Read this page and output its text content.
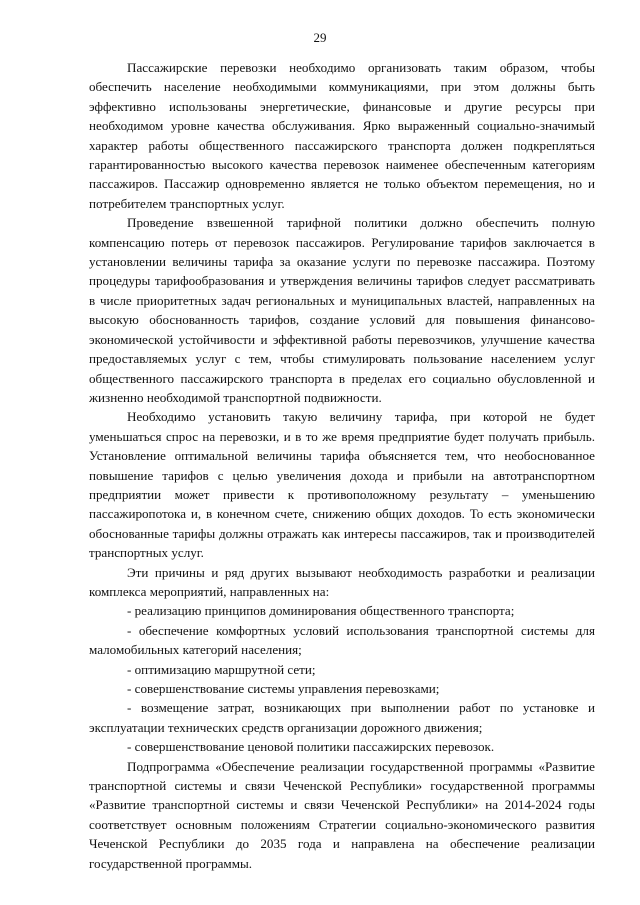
29

Пассажирские перевозки необходимо организовать таким образом, чтобы обеспечить население необходимыми коммуникациями, при этом должны быть эффективно использованы энергетические, финансовые и другие ресурсы при необходимом уровне качества обслуживания. Ярко выраженный социально-значимый характер работы общественного пассажирского транспорта должен подкрепляться гарантированностью высокого качества перевозок наименее обеспеченным категориям пассажиров. Пассажир одновременно является не только объектом перемещения, но и потребителем транспортных услуг.

Проведение взвешенной тарифной политики должно обеспечить полную компенсацию потерь от перевозок пассажиров. Регулирование тарифов заключается в установлении величины тарифа за оказание услуги по перевозке пассажира. Поэтому процедуры тарифообразования и утверждения величины тарифов следует рассматривать в числе приоритетных задач региональных и муниципальных властей, направленных на высокую обоснованность тарифов, создание условий для повышения финансово-экономической устойчивости и эффективной работы перевозчиков, улучшение качества предоставляемых услуг с тем, чтобы стимулировать пользование населением услуг общественного пассажирского транспорта в пределах его социально обусловленной и жизненно необходимой транспортной подвижности.

Необходимо установить такую величину тарифа, при которой не будет уменьшаться спрос на перевозки, и в то же время предприятие будет получать прибыль. Установление оптимальной величины тарифа объясняется тем, что необоснованное повышение тарифов с целью увеличения дохода и прибыли на автотранспортном предприятии может привести к противоположному результату – уменьшению пассажиропотока и, в конечном счете, снижению общих доходов. То есть экономически обоснованные тарифы должны отражать как интересы пассажиров, так и производителей транспортных услуг.

Эти причины и ряд других вызывают необходимость разработки и реализации комплекса мероприятий, направленных на:

- реализацию принципов доминирования общественного транспорта;
- обеспечение комфортных условий использования транспортной системы для маломобильных категорий населения;
- оптимизацию маршрутной сети;
- совершенствование системы управления перевозками;
- возмещение затрат, возникающих при выполнении работ по установке и эксплуатации технических средств организации дорожного движения;
- совершенствование ценовой политики пассажирских перевозок.

Подпрограмма «Обеспечение реализации государственной программы «Развитие транспортной системы и связи Чеченской Республики» государственной программы «Развитие транспортной системы и связи Чеченской Республики» на 2014-2024 годы соответствует основным положениям Стратегии социально-экономического развития Чеченской Республики до 2035 года и направлена на обеспечение реализации государственной программы.
